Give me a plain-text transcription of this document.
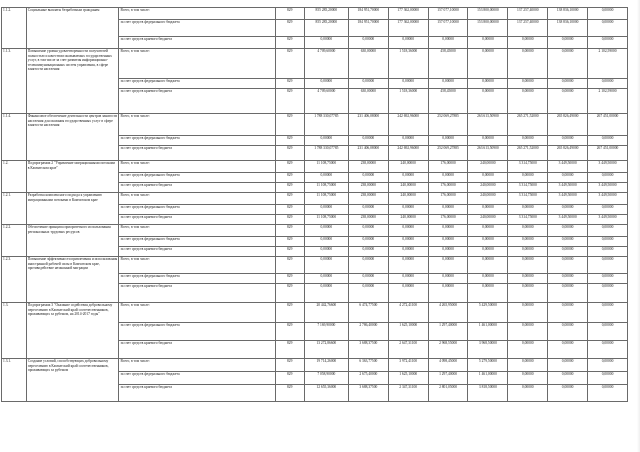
1.1.2.	Социальные выплаты безработным гражданам	Всего, в том числе:	829	855 285,20000	184 951,70000	177 362,00000	157 077,10000	153 800,00000	137 257,40000	138 836,10000	0,00000
		за счет средств федерального бюджета	829	855 285,20000	184 951,70000	177 362,00000	157 077,10000	153 800,00000	137 257,40000	138 836,10000	0,00000
		за счет средств краевого бюджета	829	0,00000	0,00000	0,00000	0,00000	0,00000	0,00000	0,00000	0,00000
1.1.3.	Повышение уровня удовлетворенности получателей полностью и качеством оказываемых государственных услуг, в том числе за счет развития информационно-телекоммуникационных систем управления, в сфере занятости населения	Всего, в том числе:	829	4 709,60000	630,00000	1 518,36000	458,45000	0,00000	0,00000	0,00000	2 102,59000
		за счет средств федерального бюджета	829	0,00000	0,00000	0,00000	0,00000	0,00000	0,00000	0,00000	0,00000
		за счет средств краевого бюджета	829	4 709,60000	630,00000	1 518,36000	458,45000	0,00000	0,00000	0,00000	2 102,59000
1.1.4.	Финансовое обеспечение деятельности центров занятости населения для оказания государственных услуг в сфере занятости населения	Всего, в том числе:	829	1 788 330,07785	231 406,08000	242 692,96000	252 069,27885	263 613,50900	265 271,52000	265 826,49000	267 451,00000
		за счет средств федерального бюджета	829	0,00000	0,00000	0,00000	0,00000	0,00000	0,00000	0,00000	0,00000
		за счет средств краевого бюджета	829	1 788 330,07785	231 406,08000	242 692,96000	252 069,27885	263 613,50900	265 271,52000	265 826,49000	267 451,00000
1.2.	Подпрограмма 2 "Управление миграционными потоками в Камчатском крае"	Всего, в том числе:	829	11 108,75000	238,00000	240,00000	176,00000	240,00000	3 314,75000	3 449,50000	3 449,50000
		за счет средств федерального бюджета	829	0,00000	0,00000	0,00000	0,00000	0,00000	0,00000	0,00000	0,00000
		за счет средств краевого бюджета	829	11 108,75000	238,00000	240,00000	176,00000	240,00000	3 314,75000	3 449,50000	3 449,50000
1.2.1.	Разработка комплексного подхода к управлению миграционными потоками в Камчатском крае	Всего, в том числе:	829	11 108,75000	238,00000	240,00000	176,00000	240,00000	3 314,75000	3 449,50000	3 449,50000
		за счет средств федерального бюджета	829	0,00000	0,00000	0,00000	0,00000	0,00000	0,00000	0,00000	0,00000
		за счет средств краевого бюджета	829	11 108,75000	238,00000	240,00000	176,00000	240,00000	3 314,75000	3 449,50000	3 449,50000
1.2.2.	Обеспечение принципа приоритетного использования региональных трудовых ресурсов	Всего, в том числе:	829	0,00000	0,00000	0,00000	0,00000	0,00000	0,00000	0,00000	0,00000
		за счет средств федерального бюджета	829	0,00000	0,00000	0,00000	0,00000	0,00000	0,00000	0,00000	0,00000
		за счет средств краевого бюджета	829	0,00000	0,00000	0,00000	0,00000	0,00000	0,00000	0,00000	0,00000
1.2.3.	Повышение эффективности привлечения и использования иностранной рабочей силы в Камчатском крае, противодействие незаконной миграции	Всего, в том числе:	829	0,00000	0,00000	0,00000	0,00000	0,00000	0,00000	0,00000	0,00000
		за счет средств федерального бюджета	829	0,00000	0,00000	0,00000	0,00000	0,00000	0,00000	0,00000	0,00000
		за счет средств краевого бюджета	829	0,00000	0,00000	0,00000	0,00000	0,00000	0,00000	0,00000	0,00000
1.3.	Подпрограмма 3 "Оказание содействия добровольному переселению в Камчатский край соотечественников, проживающих за рубежом, на 2014-2017 годы"	Всего, в том числе:	829	20 442,76600	6 474,77500	4 272,41100	4 265,95000	5 429,50000	0,00000	0,00000	0,00000
		за счет средств федерального бюджета	829	7 169,90000	2 786,40000	1 625,10000	1 297,40000	1 461,00000	0,00000	0,00000	0,00000
		за счет средств краевого бюджета	829	13 272,86600	3 688,37500	2 647,31100	2 968,55000	3 968,50000	0,00000	0,00000	0,00000
1.3.1.	Создание условий, способствующих добровольному переселению в Камчатский край соотечественников, проживающих за рубежом	Всего, в том числе:	829	19 714,26000	6 363,77500	3 972,41100	4 098,45000	5 279,50000	0,00000	0,00000	0,00000
		за счет средств федерального бюджета	829	7 058,90000	2 675,40000	1 625,10000	1 297,40000	1 461,00000	0,00000	0,00000	0,00000
		за счет средств краевого бюджета	829	12 655,36000	3 688,37500	2 347,31100	2 801,05000	3 818,50000	0,00000	0,00000	0,00000
